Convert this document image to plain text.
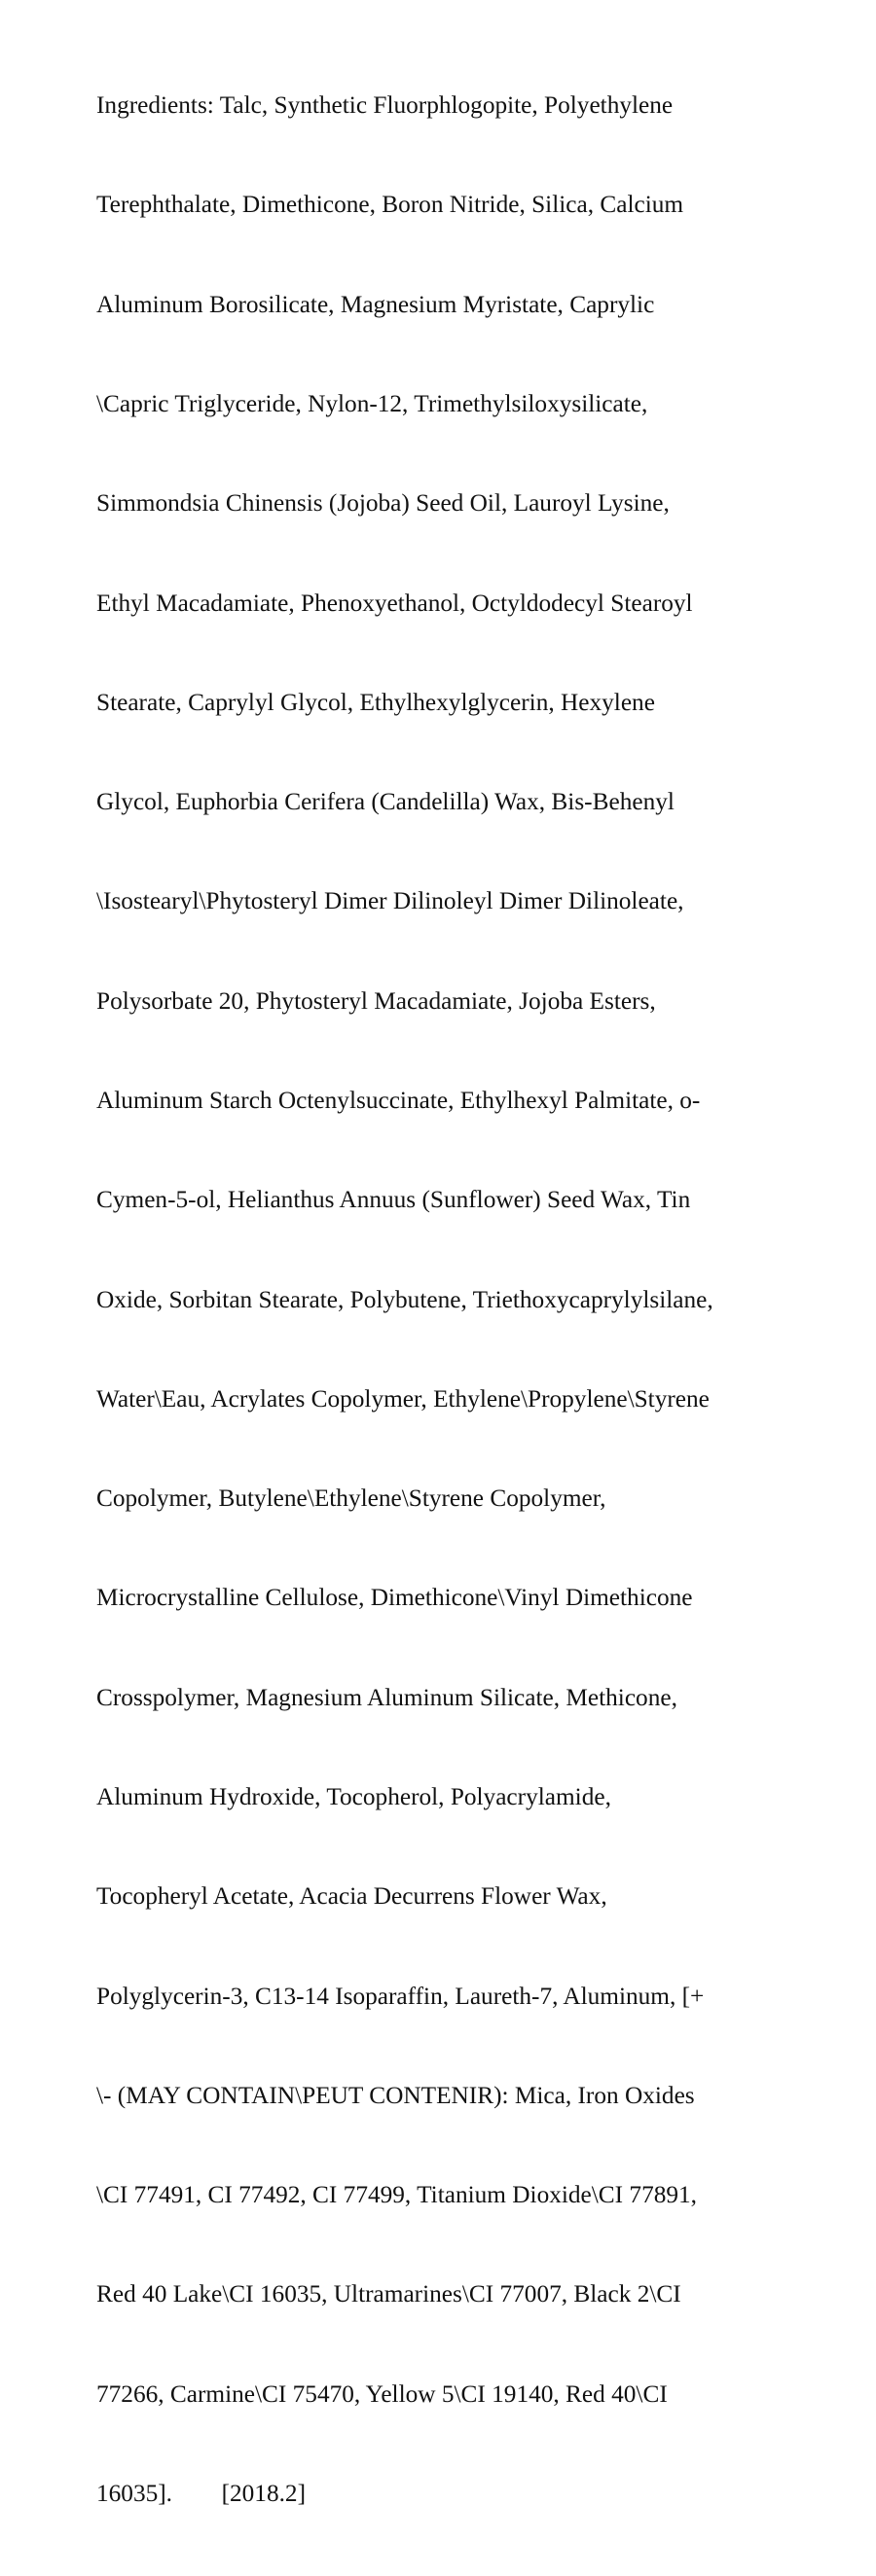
Ingredients: Talc, Synthetic Fluorphlogopite, Polyethylene

Terephthalate, Dimethicone, Boron Nitride, Silica, Calcium

Aluminum Borosilicate, Magnesium Myristate, Caprylic

\Capric Triglyceride, Nylon-12, Trimethylsiloxysilicate,

Simmondsia Chinensis (Jojoba) Seed Oil, Lauroyl Lysine,

Ethyl Macadamiate, Phenoxyethanol, Octyldodecyl Stearoyl

Stearate, Caprylyl Glycol, Ethylhexylglycerin, Hexylene

Glycol, Euphorbia Cerifera (Candelilla) Wax, Bis-Behenyl

\Isostearyl\Phytosteryl Dimer Dilinoleyl Dimer Dilinoleate,

Polysorbate 20, Phytosteryl Macadamiate, Jojoba Esters,

Aluminum Starch Octenylsuccinate, Ethylhexyl Palmitate, o-

Cymen-5-ol, Helianthus Annuus (Sunflower) Seed Wax, Tin

Oxide, Sorbitan Stearate, Polybutene, Triethoxycaprylylsilane,

Water\Eau, Acrylates Copolymer, Ethylene\Propylene\Styrene

Copolymer, Butylene\Ethylene\Styrene Copolymer,

Microcrystalline Cellulose, Dimethicone\Vinyl Dimethicone

Crosspolymer, Magnesium Aluminum Silicate, Methicone,

Aluminum Hydroxide, Tocopherol, Polyacrylamide,

Tocopheryl Acetate, Acacia Decurrens Flower Wax,

Polyglycerin-3, C13-14 Isoparaffin, Laureth-7, Aluminum, [+

\- (MAY CONTAIN\PEUT CONTENIR): Mica, Iron Oxides

\CI 77491, CI 77492, CI 77499, Titanium Dioxide\CI 77891,

Red 40 Lake\CI 16035, Ultramarines\CI 77007, Black 2\CI

77266, Carmine\CI 75470, Yellow 5\CI 19140, Red 40\CI

16035].        [2018.2]
